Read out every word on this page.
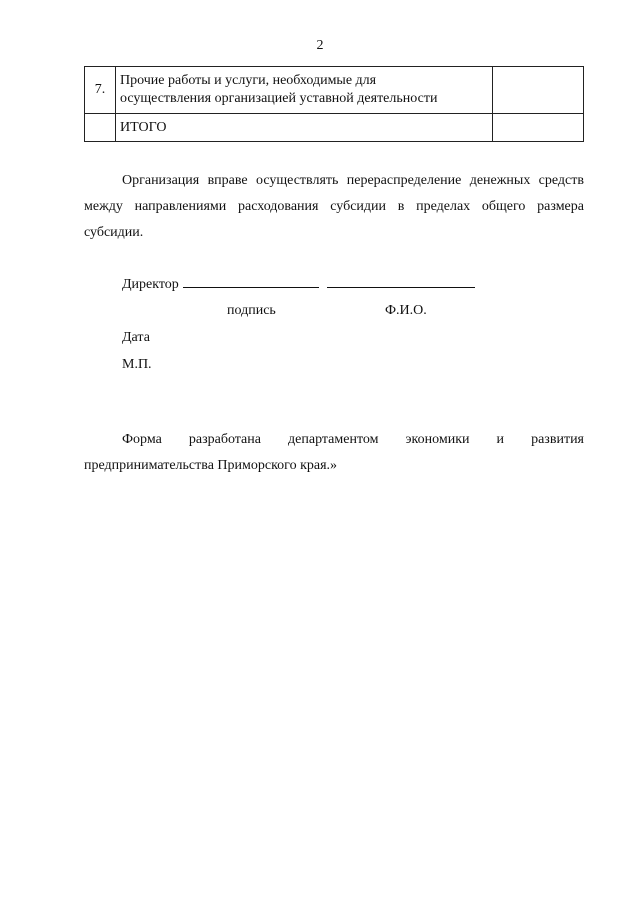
2
7.	Прочие работы и услуги, необходимые для
осуществления организацией уставной деятельности	
	ИТОГО	

Организация вправе осуществлять перераспределение денежных средств между направлениями расходования субсидии в пределах общего размера субсидии.

Директор
подпись	Ф.И.О.
Дата
М.П.

Форма разработана департаментом экономики и развития предпринимательства Приморского края.»
